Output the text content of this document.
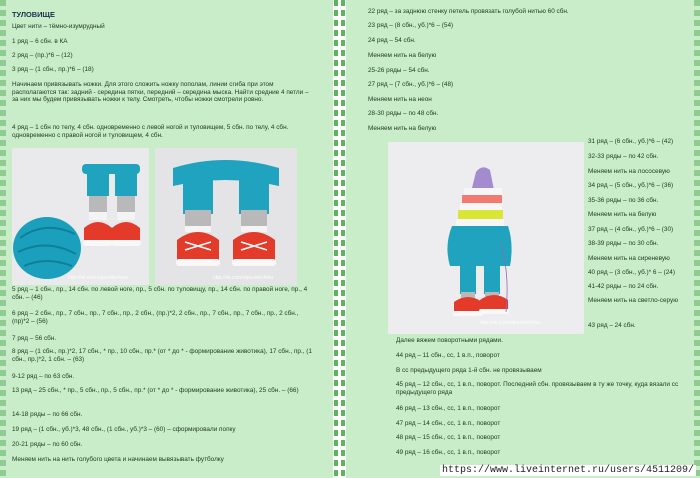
ТУЛОВИЩЕ
Цвет нити – тёмно-изумрудный
1 ряд – 6 сбн. в КА
2 ряд – (пр.)*6 – (12)
3 ряд – (1 сбн., пр.)*6 – (18)
Начинаем привязывать ножки. Для этого сложить ножку пополам, линии сгиба при этом располагаются так: задний - середина пятки, передний – середина мыска. Найти средние 4 петли – за них мы будем привязывать ножки к телу. Смотреть, чтобы ножки смотрели ровно.
4 ряд – 1 сбн по телу, 4 сбн. одновременно с левой ногой и туловищем, 5 сбн. по телу, 4 сбн. одновременно с правой ногой и туловищем, 4 сбн.
http://vk.com/olya.lelechina	http://vk.com/olya.lelechina
5 ряд – 1 сбн., пр., 14 сбн. по левой ноге, пр., 5 сбн. по туловищу, пр., 14 сбн. по правой ноге, пр., 4 сбн. – (46)
6 ряд – 2 сбн., пр., 7 сбн., пр., 7 сбн., пр., 2 сбн., (пр.)*2, 2 сбн., пр., 7 сбн., пр., 7 сбн., пр., 2 сбн., (пр)*2 – (56)
7 ряд – 56 сбн.
8 ряд – (1 сбн., пр.)*2, 17 сбн., * пр., 10 сбн., пр.* (от * до * - формирование животика), 17 сбн., пр., (1 сбн., пр.)*2, 1 сбн. – (63)
9-12 ряд – по 63 сбн.
13 ряд – 25 сбн., * пр., 5 сбн., пр., 5 сбн., пр.* (от * до * - формирование животика), 25 сбн. – (66)
14-18 ряды – по 66 сбн.
19 ряд – (1 сбн., уб.)*3, 48 сбн., (1 сбн., уб.)*3 – (60) – сформировали попку
20-21 ряды – по 60 сбн.
Меняем нить на нить голубого цвета и начинаем вывязывать футболку
22 ряд – за заднюю стенку петель провязать голубой нитью 60 сбн.
23 ряд – (8 сбн., уб.)*6 – (54)
24 ряд – 54 сбн.
Меняем нить на белую
25-26 ряды – 54 сбн.
27 ряд – (7 сбн., уб.)*6 – (48)
Меняем нить на неон
28-30 ряды – по 48 сбн.
Меняем нить на белую
http://vk.com/olya.lelechina
31 ряд – (6 сбн., уб.)*6 – (42)
32-33 ряды – по 42 сбн.
Меняем нить на лососевую
34 ряд – (5 сбн., уб.)*6 – (36)
35-36 ряды – по 36 сбн.
Меняем нить на белую
37 ряд – (4 сбн., уб.)*6 – (30)
38-39 ряды – по 30 сбн.
Меняем нить на сиреневую
40 ряд – (3 сбн., уб.)* 6 – (24)
41-42 ряды – по 24 сбн.
Меняем нить на светло-серую
43 ряд – 24 сбн.
Далее вяжем поворотными рядами.
44 ряд – 11 сбн., сс, 1 в.п., поворот
В сс предыдущего ряда 1-й сбн. не провязываем
45 ряд – 12 сбн., сс, 1 в.п., поворот. Последний сбн. провязываем в ту же точку, куда вязали сс предыдущего ряда
46 ряд – 13 сбн., сс, 1 в.п., поворот
47 ряд – 14 сбн., сс, 1 в.п., поворот
48 ряд – 15 сбн., сс, 1 в.п., поворот
49 ряд – 16 сбн., сс, 1 в.п., поворот
https://www.liveinternet.ru/users/4511209/
